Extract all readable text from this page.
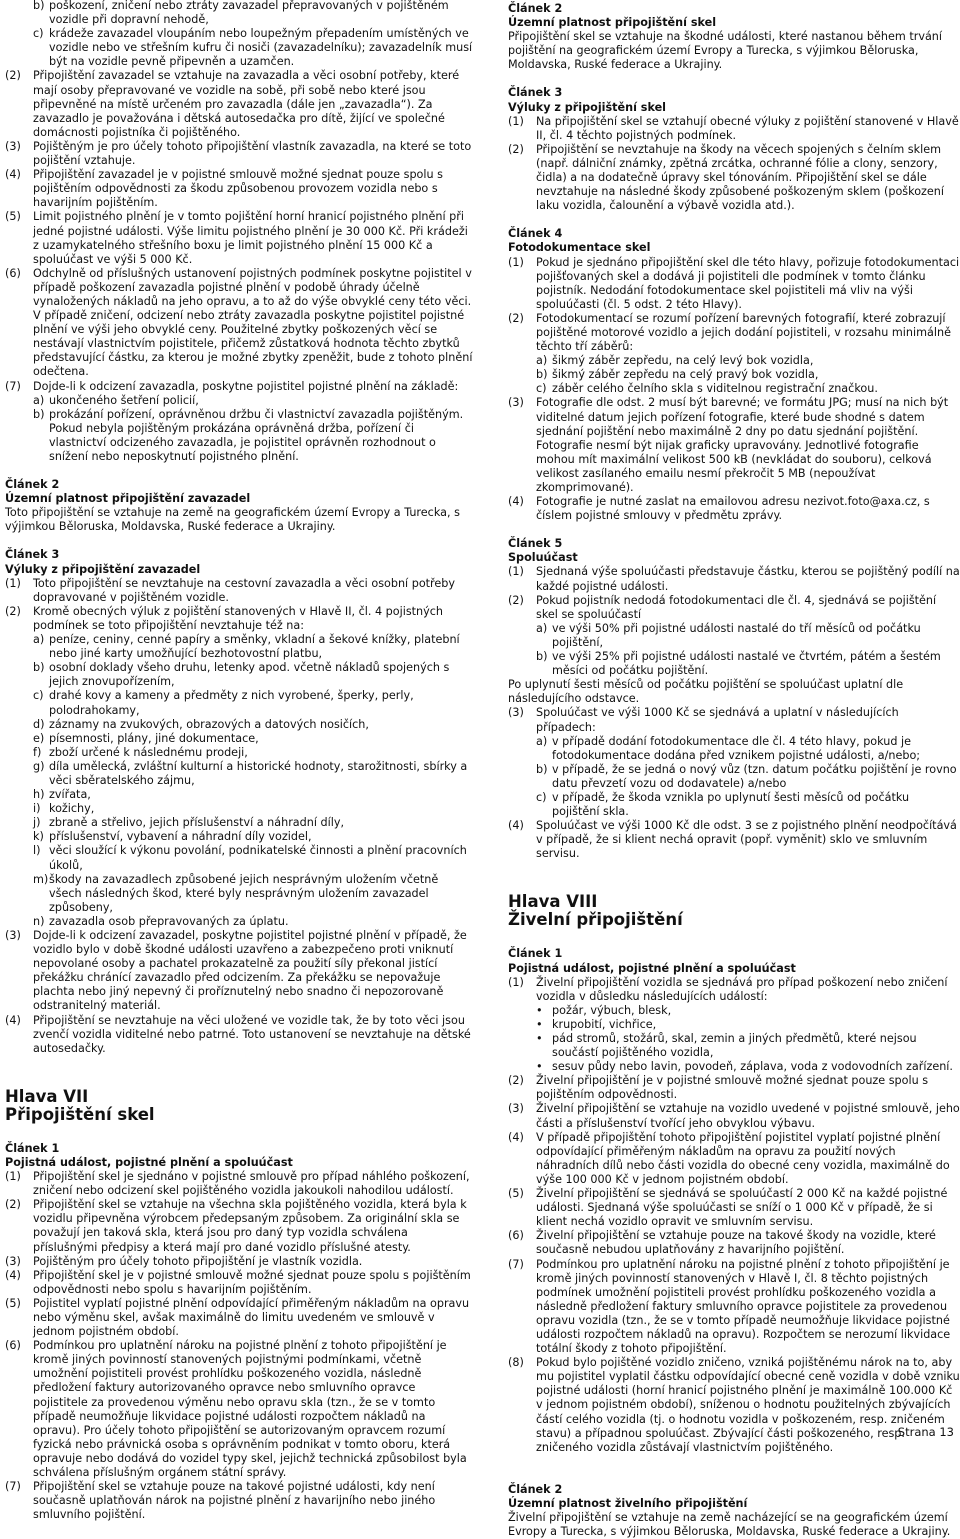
b) poškození, zničení nebo ztráty zavazadel přepravovaných v pojištěném vozidle při dopravní nehodě,
c) krádeže zavazadel vloupáním nebo loupežným přepadením umístěných ve vozidle nebo ve střešním kufru či nosiči (zavazadelníku); zavazadelník musí být na vozidle pevně připevněn a uzamčen.
(2)	Připojištění zavazadel se vztahuje na zavazadla a věci osobní potřeby, které mají osoby přepravované ve vozidle na sobě, při sobě nebo které jsou připevněné na místě určeném pro zavazadla (dále jen „zavazadla“). Za zavazadlo je považována i dětská autosedačka pro dítě, žijící ve společné domácnosti pojistníka či pojištěného.
(3)	Pojištěným je pro účely tohoto připojištění vlastník zavazadla, na které se toto pojištění vztahuje.
(4)	Připojištění zavazadel je v pojistné smlouvě možné sjednat pouze spolu s pojištěním odpovědnosti za škodu způsobenou provozem vozidla nebo s havarijním pojištěním.
(5)	Limit pojistného plnění je v tomto pojištění horní hranicí pojistného plnění při jedné pojistné události. Výše limitu pojistného plnění je 30 000 Kč. Při krádeži z uzamykatelného střešního boxu je limit pojistného plnění 15 000 Kč a spoluúčast ve výši 5 000 Kč.
(6)	Odchylně od příslušných ustanovení pojistných podmínek poskytne pojistitel v případě poškození zavazadla pojistné plnění v podobě úhrady účelně vynaložených nákladů na jeho opravu, a to až do výše obvyklé ceny této věci.
V případě zničení, odcizení nebo ztráty zavazadla poskytne pojistitel pojistné plnění ve výši jeho obvyklé ceny. Použitelné zbytky poškozených věcí se nestávají vlastnictvím pojistitele, přičemž zůstatková hodnota těchto zbytků představující částku, za kterou je možné zbytky zpeněžit, bude z tohoto plnění odečtena.
(7)	Dojde-li k odcizení zavazadla, poskytne pojistitel pojistné plnění na základě:
a) ukončeného šetření policií,
b) prokázání pořízení, oprávněnou držbu či vlastnictví zavazadla pojištěným.
Pokud nebyla pojištěným prokázána oprávněná držba, pořízení či vlastnictví odcizeného zavazadla, je pojistitel oprávněn rozhodnout o snížení nebo neposkytnutí pojistného plnění.
Článek 2
Územní platnost připojištění zavazadel
Toto připojištění se vztahuje na země na geografickém území Evropy a Turecka, s výjimkou Běloruska, Moldavska, Ruské federace a Ukrajiny.
Článek 3
Výluky z připojištění zavazadel
(1)	Toto připojištění se nevztahuje na cestovní zavazadla a věci osobní potřeby dopravované v pojištěném vozidle.
(2)	Kromě obecných výluk z pojištění stanovených v Hlavě II, čl. 4 pojistných podmínek se toto připojištění nevztahuje též na:
a) peníze, ceniny, cenné papíry a směnky, vkladní a šekové knížky, platební nebo jiné karty umožňující bezhotovostní platbu,
b) osobní doklady všeho druhu, letenky apod. včetně nákladů spojených s jejich znovupořízením,
c) drahé kovy a kameny a předměty z nich vyrobené, šperky, perly, polodrahokamy,
d) záznamy na zvukových, obrazových a datových nosičích,
e) písemnosti, plány, jiné dokumentace,
f) zboží určené k následnému prodeji,
g) díla umělecká, zvláštní kulturní a historické hodnoty, starožitnosti, sbírky a věci sběratelského zájmu,
h) zvířata,
i) kožichy,
j) zbraně a střelivo, jejich příslušenství a náhradní díly,
k) příslušenství, vybavení a náhradní díly vozidel,
l) věci sloužící k výkonu povolání, podnikatelské činnosti a plnění pracovních úkolů,
m) škody na zavazadlech způsobené jejich nesprávným uložením včetně všech následných škod, které byly nesprávným uložením zavazadel způsobeny,
n) zavazadla osob přepravovaných za úplatu.
(3)	Dojde-li k odcizení zavazadel, poskytne pojistitel pojistné plnění v případě, že vozidlo bylo v době škodné události uzavřeno a zabezpečeno proti vniknutí nepovolané osoby a pachatel prokazatelně za použití síly překonal jistící překážku chránící zavazadlo před odcizením. Za překážku se nepovažuje plachta nebo jiný nepevný či proříznutelný nebo snadno či nepozorovaně odstranitelný materiál.
(4)	Připojištění se nevztahuje na věci uložené ve vozidle tak, že by toto věci jsou zvenčí vozidla viditelné nebo patrné. Toto ustanovení se nevztahuje na dětské autosedačky.
Hlava VII
Připojištění skel
Článek 1
Pojistná událost, pojistné plnění a spoluúčast
(1)	Připojištění skel je sjednáno v pojistné smlouvě pro případ náhlého poškození, zničení nebo odcizení skel pojištěného vozidla jakoukoli nahodilou událostí.
(2)	Připojištění skel se vztahuje na všechna skla pojištěného vozidla, která byla k vozidlu připevněna výrobcem předepsaným způsobem. Za originální skla se považují jen taková skla, která jsou pro daný typ vozidla schválena příslušnými předpisy a která mají pro dané vozidlo příslušné atesty.
(3)	Pojištěným pro účely tohoto připojištění je vlastník vozidla.
(4)	Připojištění skel je v pojistné smlouvě možné sjednat pouze spolu s pojištěním odpovědnosti nebo spolu s havarijním pojištěním.
(5)	Pojistitel vyplatí pojistné plnění odpovídající přiměřeným nákladům na opravu nebo výměnu skel, avšak maximálně do limitu uvedeném ve smlouvě v jednom pojistném období.
(6)	Podmínkou pro uplatnění nároku na pojistné plnění z tohoto připojištění je kromě jiných povinností stanovených pojistnými podmínkami, včetně umožnění pojistiteli provést prohlídku poškozeného vozidla, následně předložení faktury autorizovaného opravce nebo smluvního opravce pojistitele za provedenou výměnu nebo opravu skla (tzn., že se v tomto případě neumožňuje likvidace pojistné události rozpočtem nákladů na opravu). Pro účely tohoto připojištění se autorizovaným opravcem rozumí fyzická nebo právnická osoba s oprávněním podnikat v tomto oboru, která opravuje nebo dodává do vozidel typy skel, jejichž technická způsobilost byla schválena příslušným orgánem státní správy.
(7)	Připojištění skel se vztahuje pouze na takové pojistné události, kdy není současně uplatňován nárok na pojistné plnění z havarijního nebo jiného smluvního pojištění.
Článek 2
Územní platnost připojištění skel
Připojištění skel se vztahuje na škodné události, které nastanou během trvání pojištění na geografickém území Evropy a Turecka, s výjimkou Běloruska, Moldavska, Ruské federace a Ukrajiny.
Článek 3
Výluky z připojištění skel
(1)	Na připojištění skel se vztahují obecné výluky z pojištění stanovené v Hlavě II, čl. 4 těchto pojistných podmínek.
(2)	Připojištění se nevztahuje na škody na věcech spojených s čelním sklem (např. dálniční známky, zpětná zrcátka, ochranné fólie a clony, senzory, čidla) a na dodatečně úpravy skel tónováním. Připojištění skel se dále nevztahuje na následné škody způsobené poškozeným sklem (poškození laku vozidla, čalounění a výbavě vozidla atd.).
Článek 4
Fotodokumentace skel
(1)	Pokud je sjednáno připojištění skel dle této hlavy, pořizuje fotodokumentaci pojišťovaných skel a dodává ji pojistiteli dle podmínek v tomto článku pojistník. Nedodání fotodokumentace skel pojistiteli má vliv na výši spoluúčasti (čl. 5 odst. 2 této Hlavy).
(2)	Fotodokumentací se rozumí pořízení barevných fotografií, které zobrazují pojištěné motorové vozidlo a jejich dodání pojistiteli, v rozsahu minimálně těchto tří záběrů:
a) šikmý záběr zepředu, na celý levý bok vozidla,
b) šikmý záběr zepředu na celý pravý bok vozidla,
c) záběr celého čelního skla s viditelnou registrační značkou.
(3)	Fotografie dle odst. 2 musí být barevné; ve formátu JPG; musí na nich být viditelné datum jejich pořízení fotografie, které bude shodné s datem sjednání pojištění nebo maximálně 2 dny po datu sjednání pojištění. Fotografie nesmí být nijak graficky upravovány. Jednotlivé fotografie mohou mít maximální velikost 500 kB (nevkládat do souboru), celková velikost zasílaného emailu nesmí překročit 5 MB (nepoužívat zkomprimované).
(4)	Fotografie je nutné zaslat na emailovou adresu nezivot.foto@axa.cz, s číslem pojistné smlouvy v předmětu zprávy.
Článek 5
Spoluúčast
(1)	Sjednaná výše spoluúčasti představuje částku, kterou se pojištěný podílí na každé pojistné události.
(2)	Pokud pojistník nedodá fotodokumentaci dle čl. 4, sjednává se pojištění skel se spoluúčastí
a) ve výši 50% při pojistné události nastalé do tří měsíců od počátku pojištění,
b) ve výši 25% při pojistné události nastalé ve čtvrtém, pátém a šestém měsíci od počátku pojištění.
Po uplynutí šesti měsíců od počátku pojištění se spoluúčast uplatní dle následujícího odstavce.
(3)	Spoluúčast ve výši 1000 Kč se sjednává a uplatní v následujících případech:
a) v případě dodání fotodokumentace dle čl. 4 této hlavy, pokud je fotodokumentace dodána před vznikem pojistné události, a/nebo;
b) v případě, že se jedná o nový vůz (tzn. datum počátku pojištění je rovno datu převzetí vozu od dodavatele) a/nebo
c) v případě, že škoda vznikla po uplynutí šesti měsíců od počátku pojištění skla.
(4)	Spoluúčast ve výši 1000 Kč dle odst. 3 se z pojistného plnění neodpočítává v případě, že si klient nechá opravit (popř. vyměnit) sklo ve smluvním servisu.
Hlava VIII
Živelní připojištění
Článek 1
Pojistná událost, pojistné plnění a spoluúčast
(1)	Živelní připojištění vozidla se sjednává pro případ poškození nebo zničení vozidla v důsledku následujících událostí:
• požár, výbuch, blesk,
• krupobití, vichřice,
• pád stromů, stožárů, skal, zemin a jiných předmětů, které nejsou součástí pojištěného vozidla,
• sesuv půdy nebo lavin, povodeň, záplava, voda z vodovodních zařízení.
(2)	Živelní připojištění je v pojistné smlouvě možné sjednat pouze spolu s pojištěním odpovědnosti.
(3)	Živelní připojištění se vztahuje na vozidlo uvedené v pojistné smlouvě, jeho části a příslušenství tvořící jeho obvyklou výbavu.
(4)	V případě připojištění tohoto připojištění pojistitel vyplatí pojistné plnění odpovídající přiměřeným nákladům na opravu za použití nových náhradních dílů nebo části vozidla do obecné ceny vozidla, maximálně do výše 100 000 Kč v jednom pojistném období.
(5)	Živelní připojištění se sjednává se spoluúčastí 2 000 Kč na každé pojistné události. Sjednaná výše spoluúčasti se sníží o 1 000 Kč v případě, že si klient nechá vozidlo opravit ve smluvním servisu.
(6)	Živelní připojištění se vztahuje pouze na takové škody na vozidle, které současně nebudou uplatňovány z havarijního pojištění.
(7)	Podmínkou pro uplatnění nároku na pojistné plnění z tohoto připojištění je kromě jiných povinností stanovených v Hlavě I, čl. 8 těchto pojistných podmínek umožnění pojistiteli provést prohlídku poškozeného vozidla a následně předložení faktury smluvního opravce pojistitele za provedenou opravu vozidla (tzn., že se v tomto případě neumožňuje likvidace pojistné události rozpočtem nákladů na opravu). Rozpočtem se nerozumí likvidace totální škody z tohoto připojištění.
(8)	Pokud bylo pojištěné vozidlo zničeno, vzniká pojištěnému nárok na to, aby mu pojistitel vyplatil částku odpovídající obecné ceně vozidla v době vzniku pojistné události (horní hranicí pojistného plnění je maximálně 100.000 Kč v jednom pojistném období), sníženou o hodnotu použitelných zbývajících částí celého vozidla (tj. o hodnotu vozidla v poškozeném, resp. zničeném stavu) a případnou spoluúčast. Zbývající části poškozeného, resp. zničeného vozidla zůstávají vlastnictvím pojištěného.
Článek 2
Územní platnost živelního připojištění
Živelní připojištění se vztahuje na země nacházející se na geografickém území Evropy a Turecka, s výjimkou Běloruska, Moldavska, Ruské federace a Ukrajiny.
Strana 13
